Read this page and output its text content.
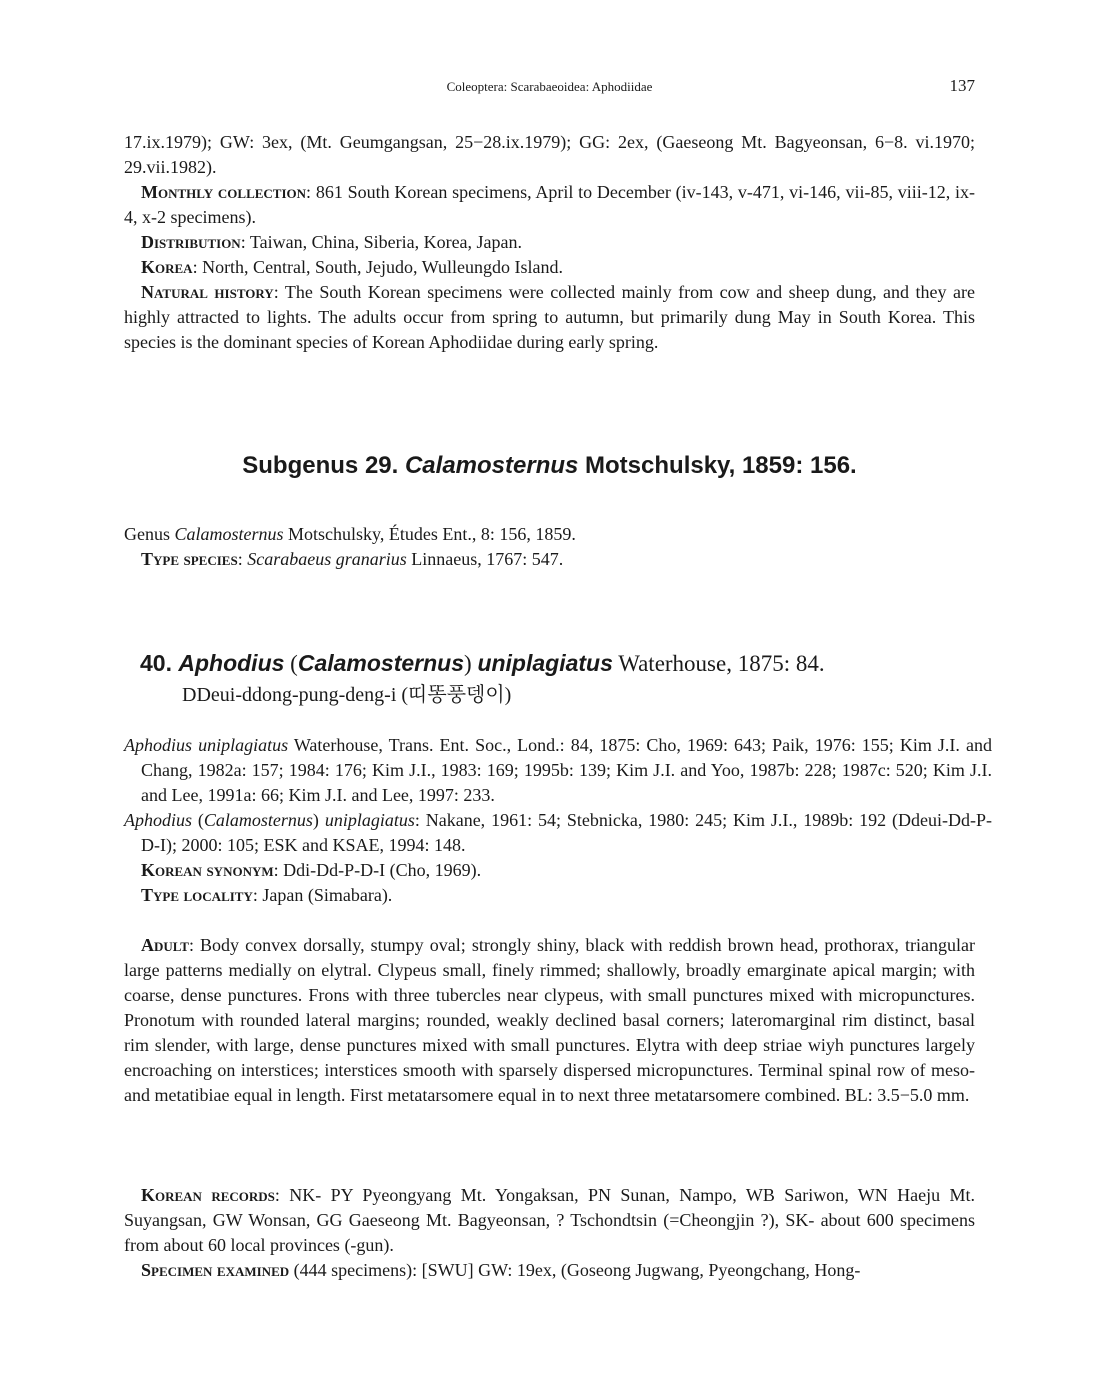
Coleoptera: Scarabaeoidea: Aphodiidae	137

17.ix.1979); GW: 3ex, (Mt. Geumgangsan, 25−28.ix.1979); GG: 2ex, (Gaeseong Mt. Bagyeonsan, 6−8. vi.1970; 29.vii.1982).

Monthly collection: 861 South Korean specimens, April to December (iv-143, v-471, vi-146, vii-85, viii-12, ix-4, x-2 specimens).

Distribution: Taiwan, China, Siberia, Korea, Japan.

Korea: North, Central, South, Jejudo, Wulleungdo Island.

Natural history: The South Korean specimens were collected mainly from cow and sheep dung, and they are highly attracted to lights. The adults occur from spring to autumn, but primarily dung May in South Korea. This species is the dominant species of Korean Aphodiidae during early spring.

Subgenus 29. Calamosternus Motschulsky, 1859: 156.

Genus Calamosternus Motschulsky, Études Ent., 8: 156, 1859.

Type species: Scarabaeus granarius Linnaeus, 1767: 547.

40. Aphodius (Calamosternus) uniplagiatus Waterhouse, 1875: 84.
DDeui-ddong-pung-deng-i (띠똥풍뎅이)

Aphodius uniplagiatus Waterhouse, Trans. Ent. Soc., Lond.: 84, 1875: Cho, 1969: 643; Paik, 1976: 155; Kim J.I. and Chang, 1982a: 157; 1984: 176; Kim J.I., 1983: 169; 1995b: 139; Kim J.I. and Yoo, 1987b: 228; 1987c: 520; Kim J.I. and Lee, 1991a: 66; Kim J.I. and Lee, 1997: 233.

Aphodius (Calamosternus) uniplagiatus: Nakane, 1961: 54; Stebnicka, 1980: 245; Kim J.I., 1989b: 192 (Ddeui-Dd-P-D-I); 2000: 105; ESK and KSAE, 1994: 148.

Korean synonym: Ddi-Dd-P-D-I (Cho, 1969).

Type locality: Japan (Simabara).

Adult: Body convex dorsally, stumpy oval; strongly shiny, black with reddish brown head, prothorax, triangular large patterns medially on elytral. Clypeus small, finely rimmed; shallowly, broadly emarginate apical margin; with coarse, dense punctures. Frons with three tubercles near clypeus, with small punctures mixed with micropunctures. Pronotum with rounded lateral margins; rounded, weakly declined basal corners; lateromarginal rim distinct, basal rim slender, with large, dense punctures mixed with small punctures. Elytra with deep striae wiyh punctures largely encroaching on interstices; interstices smooth with sparsely dispersed micropunctures. Terminal spinal row of meso- and metatibiae equal in length. First metatarsomere equal in to next three metatarsomere combined. BL: 3.5−5.0 mm.

Korean records: NK- PY Pyeongyang Mt. Yongaksan, PN Sunan, Nampo, WB Sariwon, WN Haeju Mt. Suyangsan, GW Wonsan, GG Gaeseong Mt. Bagyeonsan, ? Tschondtsin (=Cheongjin ?), SK- about 600 specimens from about 60 local provinces (-gun).

Specimen examined (444 specimens): [SWU] GW: 19ex, (Goseong Jugwang, Pyeongchang, Hong-
